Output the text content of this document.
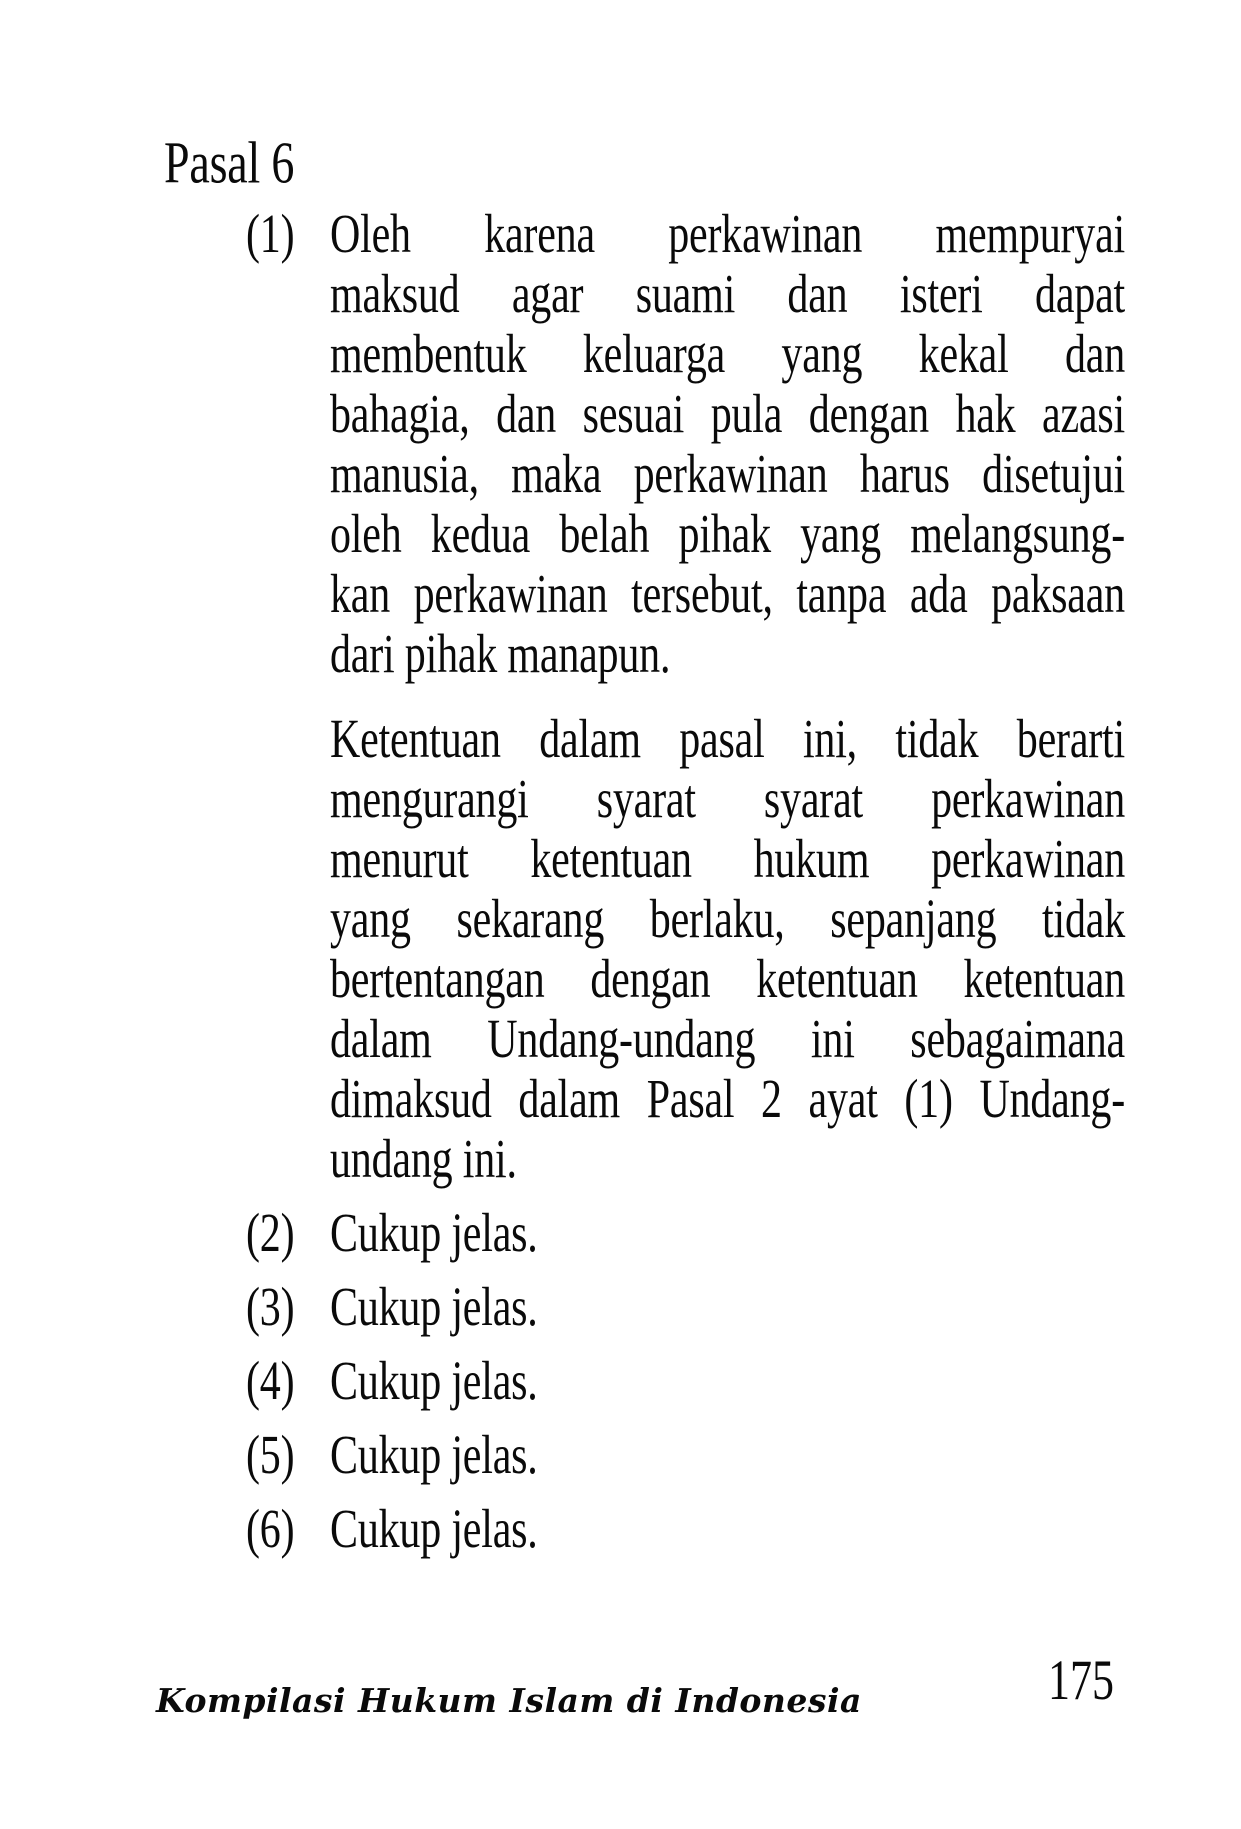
Pasal 6
(1) Oleh karena perkawinan mempuryai
maksud agar suami dan isteri dapat
membentuk keluarga yang kekal dan
bahagia, dan sesuai pula dengan hak azasi
manusia, maka perkawinan harus disetujui
oleh kedua belah pihak yang melangsung-
kan perkawinan tersebut, tanpa ada paksaan
dari pihak manapun.
Ketentuan dalam pasal ini, tidak berarti
mengurangi syarat syarat perkawinan
menurut ketentuan hukum perkawinan
yang sekarang berlaku, sepanjang tidak
bertentangan dengan ketentuan ketentuan
dalam Undang-undang ini sebagaimana
dimaksud dalam Pasal 2 ayat (1) Undang-
undang ini.
(2) Cukup jelas.
(3) Cukup jelas.
(4) Cukup jelas.
(5) Cukup jelas.
(6) Cukup jelas.
Kompilasi Hukum Islam di Indonesia	175
